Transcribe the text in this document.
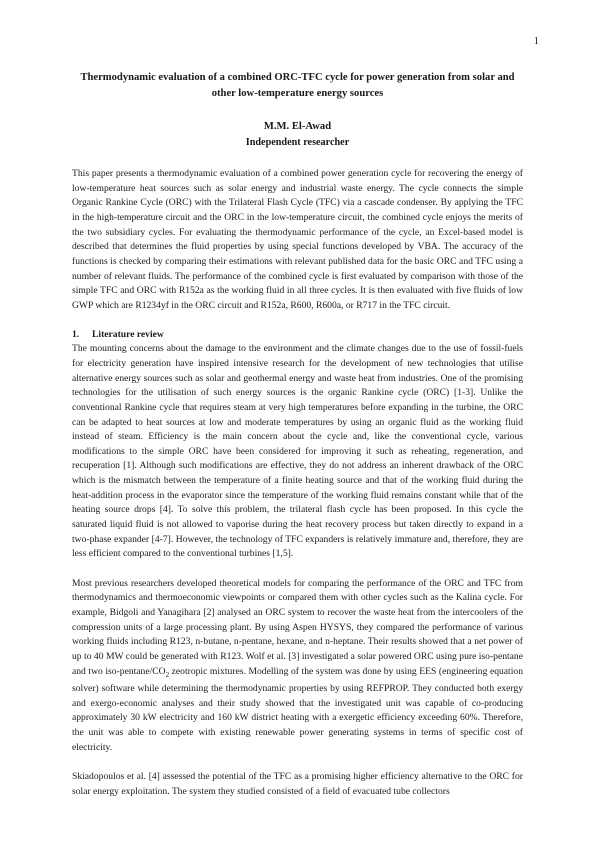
1

Thermodynamic evaluation of a combined ORC-TFC cycle for power generation from solar and other low-temperature energy sources

M.M. El-Awad

Independent researcher

This paper presents a thermodynamic evaluation of a combined power generation cycle for recovering the energy of low-temperature heat sources such as solar energy and industrial waste energy. The cycle connects the simple Organic Rankine Cycle (ORC) with the Trilateral Flash Cycle (TFC) via a cascade condenser. By applying the TFC in the high-temperature circuit and the ORC in the low-temperature circuit, the combined cycle enjoys the merits of the two subsidiary cycles. For evaluating the thermodynamic performance of the cycle, an Excel-based model is described that determines the fluid properties by using special functions developed by VBA. The accuracy of the functions is checked by comparing their estimations with relevant published data for the basic ORC and TFC using a number of relevant fluids. The performance of the combined cycle is first evaluated by comparison with those of the simple TFC and ORC with R152a as the working fluid in all three cycles. It is then evaluated with five fluids of low GWP which are R1234yf in the ORC circuit and R152a, R600, R600a, or R717 in the TFC circuit.

1. Literature review

The mounting concerns about the damage to the environment and the climate changes due to the use of fossil-fuels for electricity generation have inspired intensive research for the development of new technologies that utilise alternative energy sources such as solar and geothermal energy and waste heat from industries. One of the promising technologies for the utilisation of such energy sources is the organic Rankine cycle (ORC) [1-3]. Unlike the conventional Rankine cycle that requires steam at very high temperatures before expanding in the turbine, the ORC can be adapted to heat sources at low and moderate temperatures by using an organic fluid as the working fluid instead of steam. Efficiency is the main concern about the cycle and, like the conventional cycle, various modifications to the simple ORC have been considered for improving it such as reheating, regeneration, and recuperation [1]. Although such modifications are effective, they do not address an inherent drawback of the ORC which is the mismatch between the temperature of a finite heating source and that of the working fluid during the heat-addition process in the evaporator since the temperature of the working fluid remains constant while that of the heating source drops [4]. To solve this problem, the trilateral flash cycle has been proposed. In this cycle the saturated liquid fluid is not allowed to vaporise during the heat recovery process but taken directly to expand in a two-phase expander [4-7]. However, the technology of TFC expanders is relatively immature and, therefore, they are less efficient compared to the conventional turbines [1,5].

Most previous researchers developed theoretical models for comparing the performance of the ORC and TFC from thermodynamics and thermoeconomic viewpoints or compared them with other cycles such as the Kalina cycle. For example, Bidgoli and Yanagihara [2] analysed an ORC system to recover the waste heat from the intercoolers of the compression units of a large processing plant. By using Aspen HYSYS, they compared the performance of various working fluids including R123, n-butane, n-pentane, hexane, and n-heptane. Their results showed that a net power of up to 40 MW could be generated with R123. Wolf et al. [3] investigated a solar powered ORC using pure iso-pentane and two iso-$pentane/CO_2$ zeotropic mixtures. Modelling of the system was done by using EES (engineering equation solver) software while determining the thermodynamic properties by using REFPROP. They conducted both exergy and exergo-economic analyses and their study showed that the investigated unit was capable of co-producing approximately 30 kW electricity and 160 kW district heating with a exergetic efficiency exceeding 60%. Therefore, the unit was able to compete with existing renewable power generating systems in terms of specific cost of electricity.

Skiadopoulos et al. [4] assessed the potential of the TFC as a promising higher efficiency alternative to the ORC for solar energy exploitation. The system they studied consisted of a field of evacuated tube collectors
